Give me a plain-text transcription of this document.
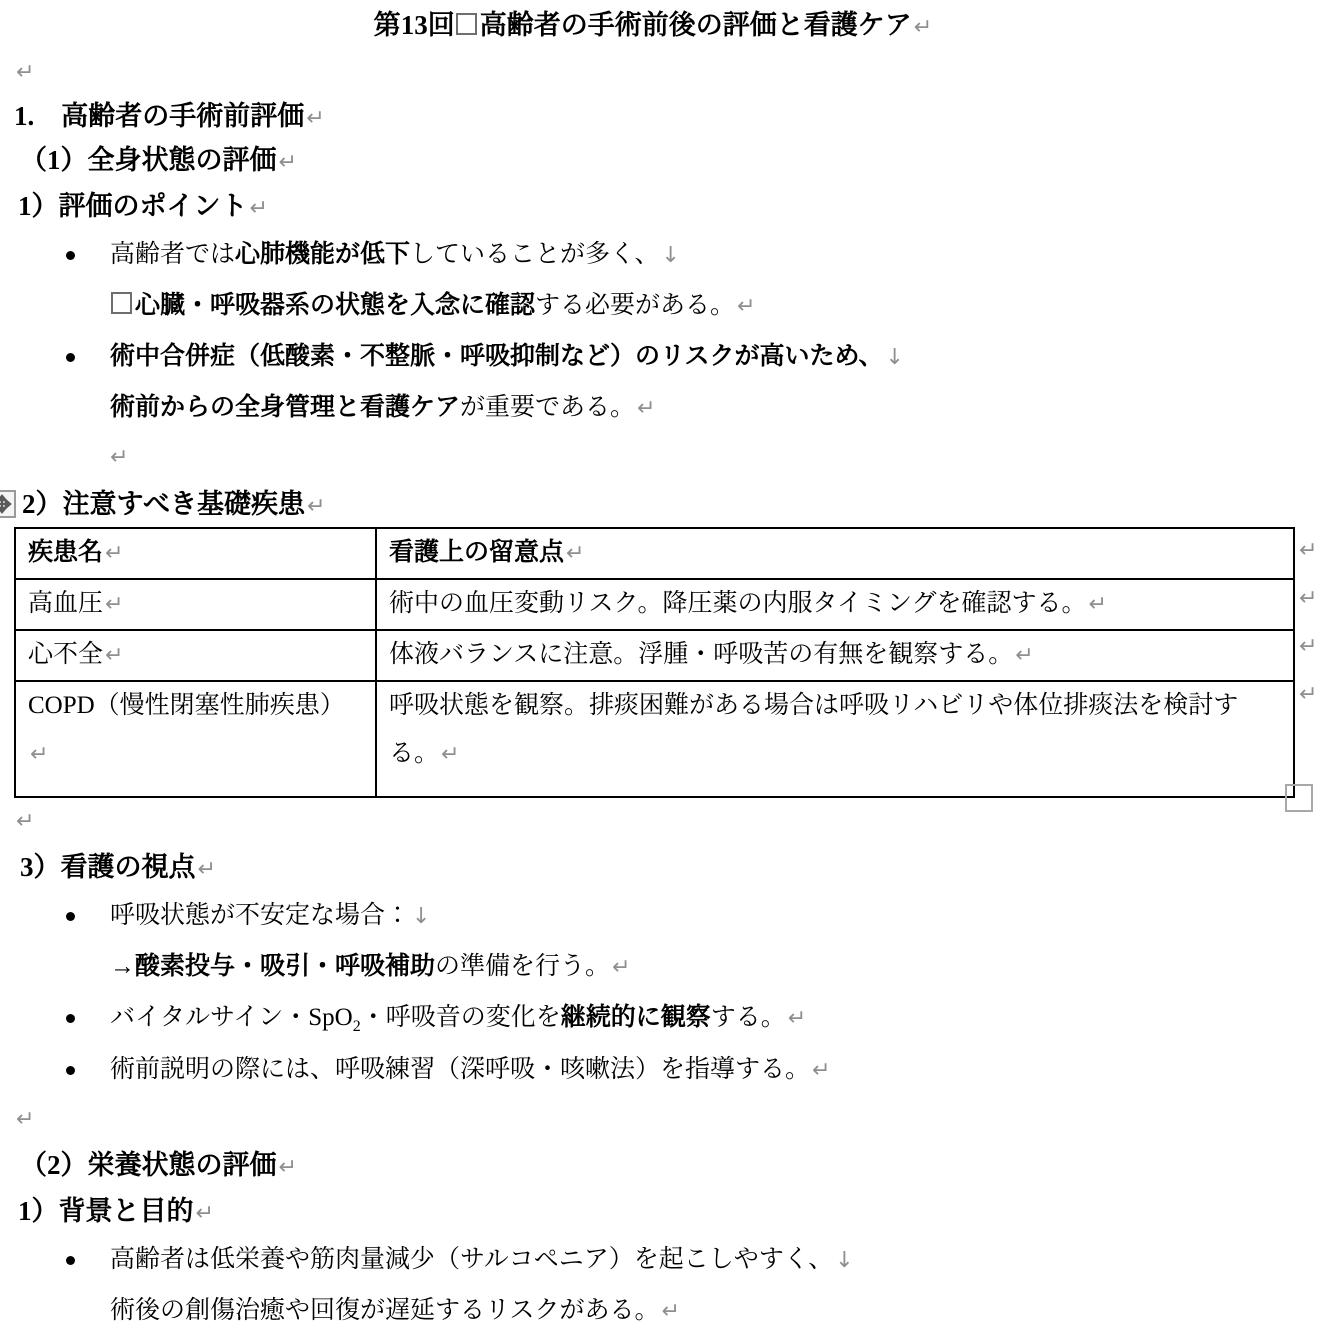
第13回 高齢者の手術前後の評価と看護ケア↵
↵
1.　高齢者の手術前評価↵
（1）全身状態の評価↵
1）評価のポイント↵
高齢者では心肺機能が低下していることが多く、↓
心臓・呼吸器系の状態を入念に確認する必要がある。↵
術中合併症（低酸素・不整脈・呼吸抑制など）のリスクが高いため、↓
術前からの全身管理と看護ケアが重要である。↵
↵
2）注意すべき基礎疾患↵
疾患名↵	看護上の留意点↵
高血圧↵	術中の血圧変動リスク。降圧薬の内服タイミングを確認する。↵
心不全↵	体液バランスに注意。浮腫・呼吸苦の有無を観察する。↵
COPD（慢性閉塞性肺疾患）↵	呼吸状態を観察。排痰困難がある場合は呼吸リハビリや体位排痰法を検討する。↵
↵
↵
↵
↵
↵
3）看護の視点↵
呼吸状態が不安定な場合：↓
→酸素投与・吸引・呼吸補助の準備を行う。↵
バイタルサイン・SpO$_2$・呼吸音の変化を継続的に観察する。↵
術前説明の際には、呼吸練習（深呼吸・咳嗽法）を指導する。↵
↵
（2）栄養状態の評価↵
1）背景と目的↵
高齢者は低栄養や筋肉量減少（サルコペニア）を起こしやすく、↓
術後の創傷治癒や回復が遅延するリスクがある。↵
